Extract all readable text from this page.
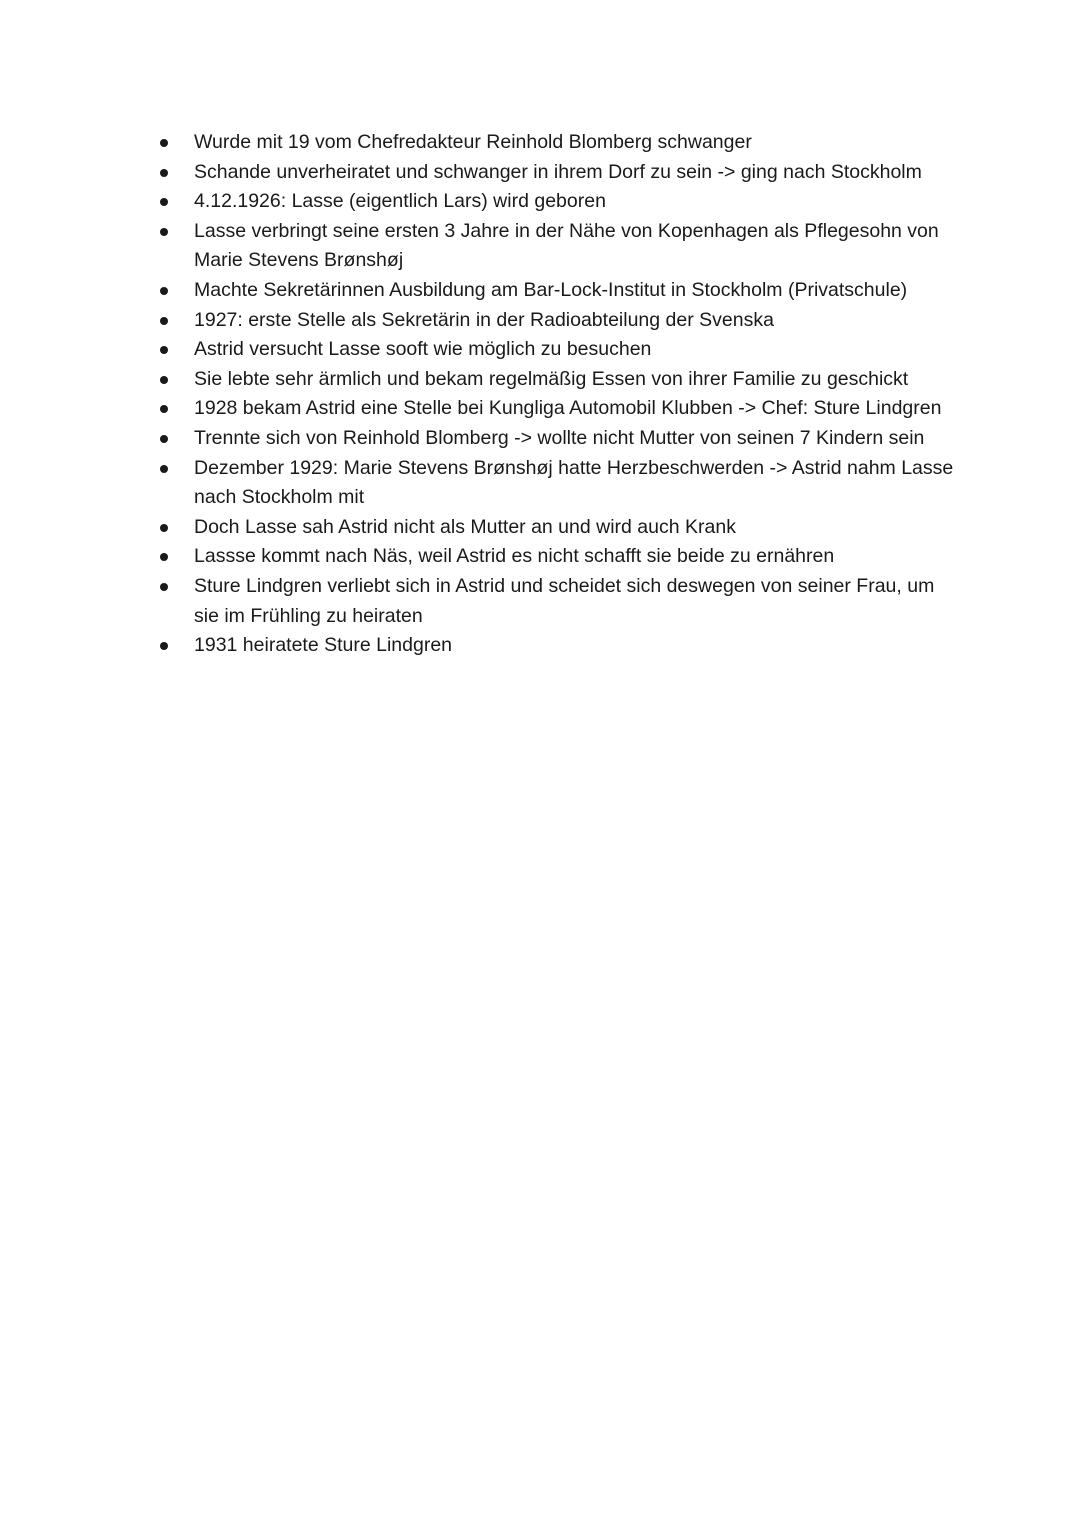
Wurde mit 19 vom Chefredakteur Reinhold Blomberg schwanger
Schande unverheiratet und schwanger in ihrem Dorf zu sein -> ging nach Stockholm
4.12.1926: Lasse (eigentlich Lars) wird geboren
Lasse verbringt seine ersten 3 Jahre in der Nähe von Kopenhagen als Pflegesohn von Marie Stevens Brønshøj
Machte Sekretärinnen Ausbildung am Bar-Lock-Institut in Stockholm (Privatschule)
1927: erste Stelle als Sekretärin in der Radioabteilung der Svenska
Astrid versucht Lasse sooft wie möglich zu besuchen
Sie lebte sehr ärmlich und bekam regelmäßig Essen von ihrer Familie zu geschickt
1928 bekam Astrid eine Stelle bei Kungliga Automobil Klubben -> Chef: Sture Lindgren
Trennte sich von Reinhold Blomberg -> wollte nicht Mutter von seinen 7 Kindern sein
Dezember 1929: Marie Stevens Brønshøj hatte Herzbeschwerden -> Astrid nahm Lasse nach Stockholm mit
Doch Lasse sah Astrid nicht als Mutter an und wird auch Krank
Lassse kommt nach Näs, weil Astrid es nicht schafft sie beide zu ernähren
Sture Lindgren verliebt sich in Astrid und scheidet sich deswegen von seiner Frau, um sie im Frühling zu heiraten
1931 heiratete Sture Lindgren
